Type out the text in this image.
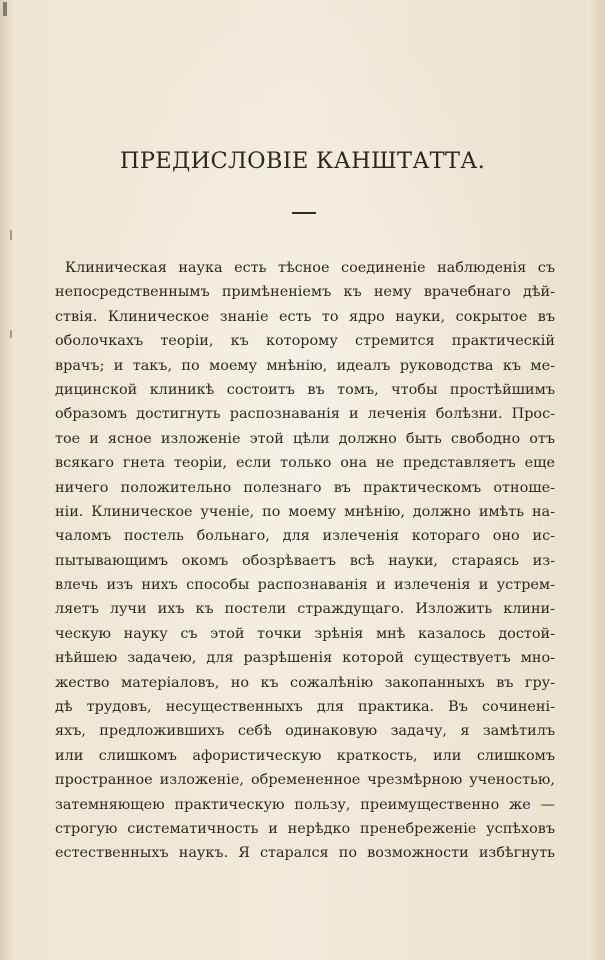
ПРЕДИСЛОВІЕ КАНШТАТТА.
Клиническая наука есть тѣсное соединеніе наблюденія съ
непосредственнымъ примѣненіемъ къ нему врачебнаго дѣй-
ствія. Клиническое знаніе есть то ядро науки, сокрытое въ
оболочкахъ теоріи, къ которому стремится практическій
врачъ; и такъ, по моему мнѣнію, идеалъ руководства къ ме-
дицинской клиникѣ состоитъ въ томъ, чтобы простѣйшимъ
образомъ достигнуть распознаванія и леченія болѣзни. Прос-
тое и ясное изложеніе этой цѣли должно быть свободно отъ
всякаго гнета теоріи, если только она не представляетъ еще
ничего положительно полезнаго въ практическомъ отноше-
ніи. Клиническое ученіе, по моему мнѣнію, должно имѣть на-
чаломъ постель больнаго, для излеченія котораго оно ис-
пытывающимъ окомъ обозрѣваетъ всѣ науки, стараясь из-
влечь изъ нихъ способы распознаванія и излеченія и устрем-
ляетъ лучи ихъ къ постели страждущаго. Изложить клини-
ческую науку съ этой точки зрѣнія мнѣ казалось достой-
нѣйшею задачею, для разрѣшенія которой существуетъ мно-
жество матеріаловъ, но къ сожалѣнію закопанныхъ въ гру-
дѣ трудовъ, несущественныхъ для практика. Въ сочинені-
яхъ, предложившихъ себѣ одинаковую задачу, я замѣтилъ
или слишкомъ афористическую краткость, или слишкомъ
пространное изложеніе, обремененное чрезмѣрною ученостью,
затемняющею практическую пользу, преимущественно же —
строгую систематичность и нерѣдко пренебреженіе успѣховъ
естественныхъ наукъ. Я старался по возможности избѣгнуть
